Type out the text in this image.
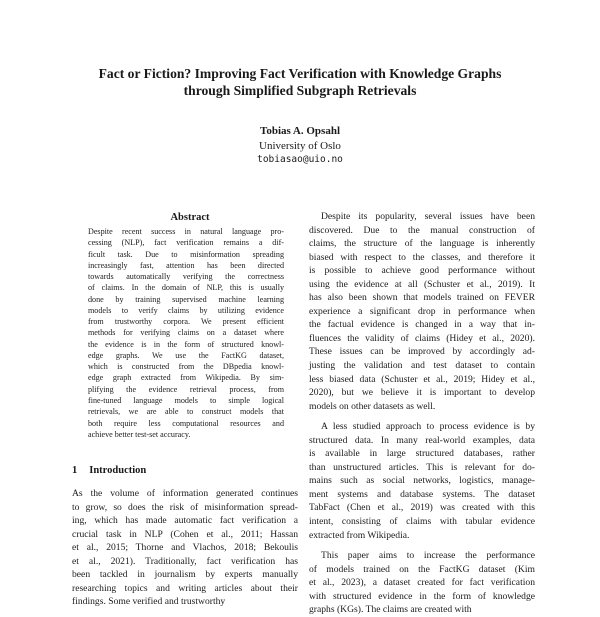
Fact or Fiction? Improving Fact Verification with Knowledge Graphs
through Simplified Subgraph Retrievals
Tobias A. Opsahl
University of Oslo
tobiasao@uio.no
Abstract
Despite recent success in natural language pro-
cessing (NLP), fact verification remains a dif-
ficult task. Due to misinformation spreading
increasingly fast, attention has been directed
towards automatically verifying the correctness
of claims. In the domain of NLP, this is usually
done by training supervised machine learning
models to verify claims by utilizing evidence
from trustworthy corpora. We present efficient
methods for verifying claims on a dataset where
the evidence is in the form of structured knowl-
edge graphs. We use the FactKG dataset,
which is constructed from the DBpedia knowl-
edge graph extracted from Wikipedia. By sim-
plifying the evidence retrieval process, from
fine-tuned language models to simple logical
retrievals, we are able to construct models that
both require less computational resources and
achieve better test-set accuracy.
1 Introduction
As the volume of information generated continues
to grow, so does the risk of misinformation spread-
ing, which has made automatic fact verification a
crucial task in NLP (Cohen et al., 2011; Hassan
et al., 2015; Thorne and Vlachos, 2018; Bekoulis
et al., 2021). Traditionally, fact verification has
been tackled in journalism by experts manually
researching topics and writing articles about their
findings. Some verified and trustworthy
Despite its popularity, several issues have been
discovered. Due to the manual construction of
claims, the structure of the language is inherently
biased with respect to the classes, and therefore it
is possible to achieve good performance without
using the evidence at all (Schuster et al., 2019). It
has also been shown that models trained on FEVER
experience a significant drop in performance when
the factual evidence is changed in a way that in-
fluences the validity of claims (Hidey et al., 2020).
These issues can be improved by accordingly ad-
justing the validation and test dataset to contain
less biased data (Schuster et al., 2019; Hidey et al.,
2020), but we believe it is important to develop
models on other datasets as well.
A less studied approach to process evidence is by
structured data. In many real-world examples, data
is available in large structured databases, rather
than unstructured articles. This is relevant for do-
mains such as social networks, logistics, manage-
ment systems and database systems. The dataset
TabFact (Chen et al., 2019) was created with this
intent, consisting of claims with tabular evidence
extracted from Wikipedia.
This paper aims to increase the performance
of models trained on the FactKG dataset (Kim
et al., 2023), a dataset created for fact verification
with structured evidence in the form of knowledge
graphs (KGs). The claims are created with
